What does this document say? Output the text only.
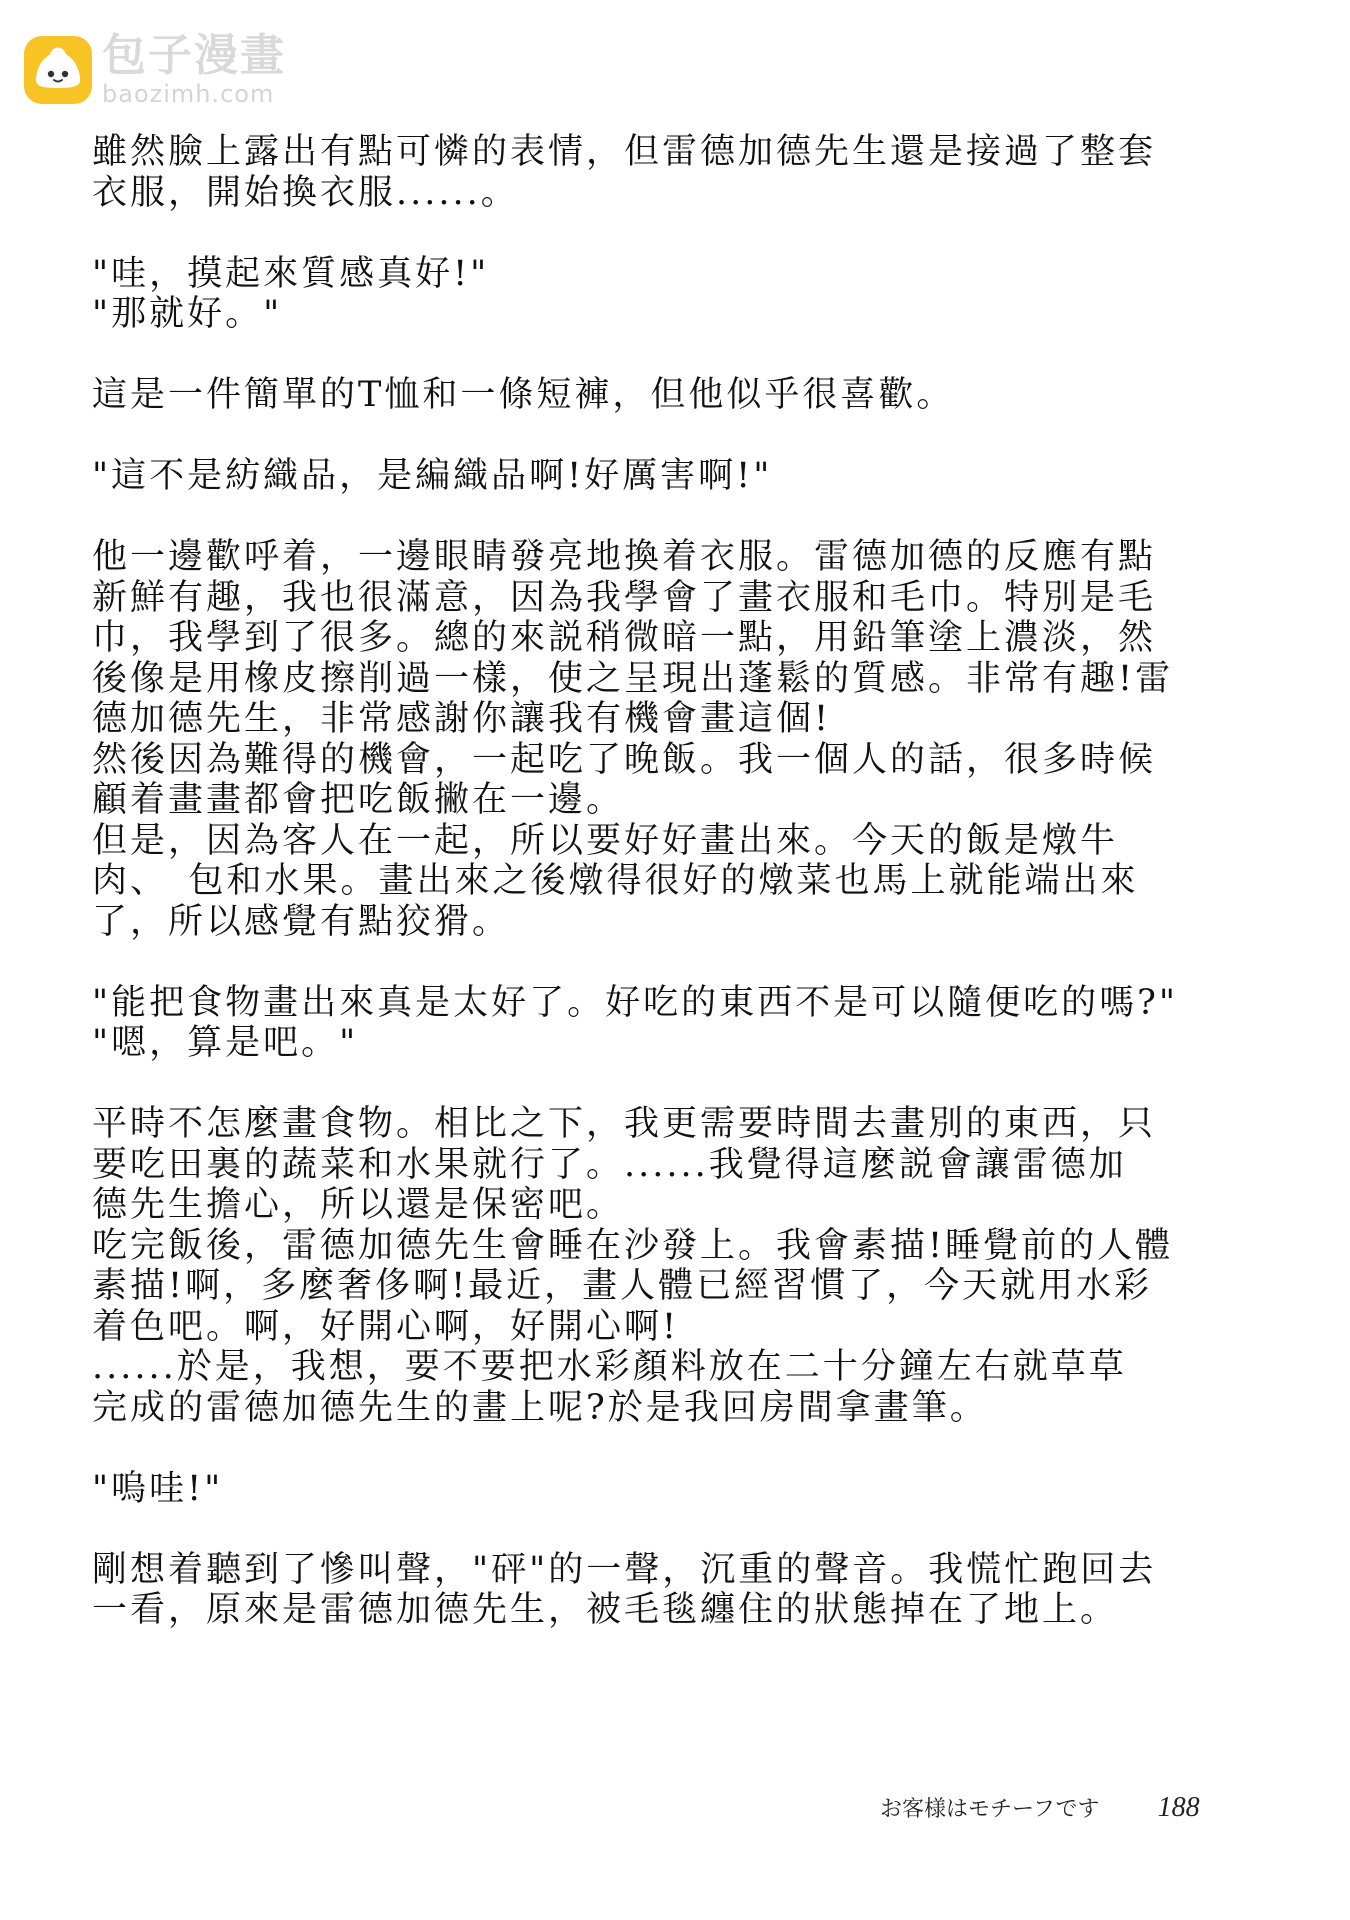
包子漫畫
baozimh.com

雖然臉上露出有點可憐的表情，但雷德加德先生還是接過了整套
衣服，開始換衣服......。

"哇，摸起來質感真好!"
"那就好。"

這是一件簡單的T恤和一條短褲，但他似乎很喜歡。

"這不是紡織品，是編織品啊!好厲害啊!"

他一邊歡呼着，一邊眼睛發亮地換着衣服。雷德加德的反應有點
新鮮有趣，我也很滿意，因為我學會了畫衣服和毛巾。特別是毛
巾，我學到了很多。總的來説稍微暗一點，用鉛筆塗上濃淡，然
後像是用橡皮擦削過一樣，使之呈現出蓬鬆的質感。非常有趣!雷
德加德先生，非常感謝你讓我有機會畫這個!
然後因為難得的機會，一起吃了晚飯。我一個人的話，很多時候
顧着畫畫都會把吃飯撇在一邊。
但是，因為客人在一起，所以要好好畫出來。今天的飯是燉牛
肉、　包和水果。畫出來之後燉得很好的燉菜也馬上就能端出來
了，所以感覺有點狡猾。

"能把食物畫出來真是太好了。好吃的東西不是可以隨便吃的嗎?"
"嗯，算是吧。"

平時不怎麼畫食物。相比之下，我更需要時間去畫別的東西，只
要吃田裏的蔬菜和水果就行了。......我覺得這麼説會讓雷德加
德先生擔心，所以還是保密吧。
吃完飯後，雷德加德先生會睡在沙發上。我會素描!睡覺前的人體
素描!啊，多麼奢侈啊!最近，畫人體已經習慣了，今天就用水彩
着色吧。啊，好開心啊，好開心啊!
......於是，我想，要不要把水彩顏料放在二十分鐘左右就草草
完成的雷德加德先生的畫上呢?於是我回房間拿畫筆。

"嗚哇!"

剛想着聽到了慘叫聲，"砰"的一聲，沉重的聲音。我慌忙跑回去
一看，原來是雷德加德先生，被毛毯纏住的狀態掉在了地上。

お客様はモチーフです 188
